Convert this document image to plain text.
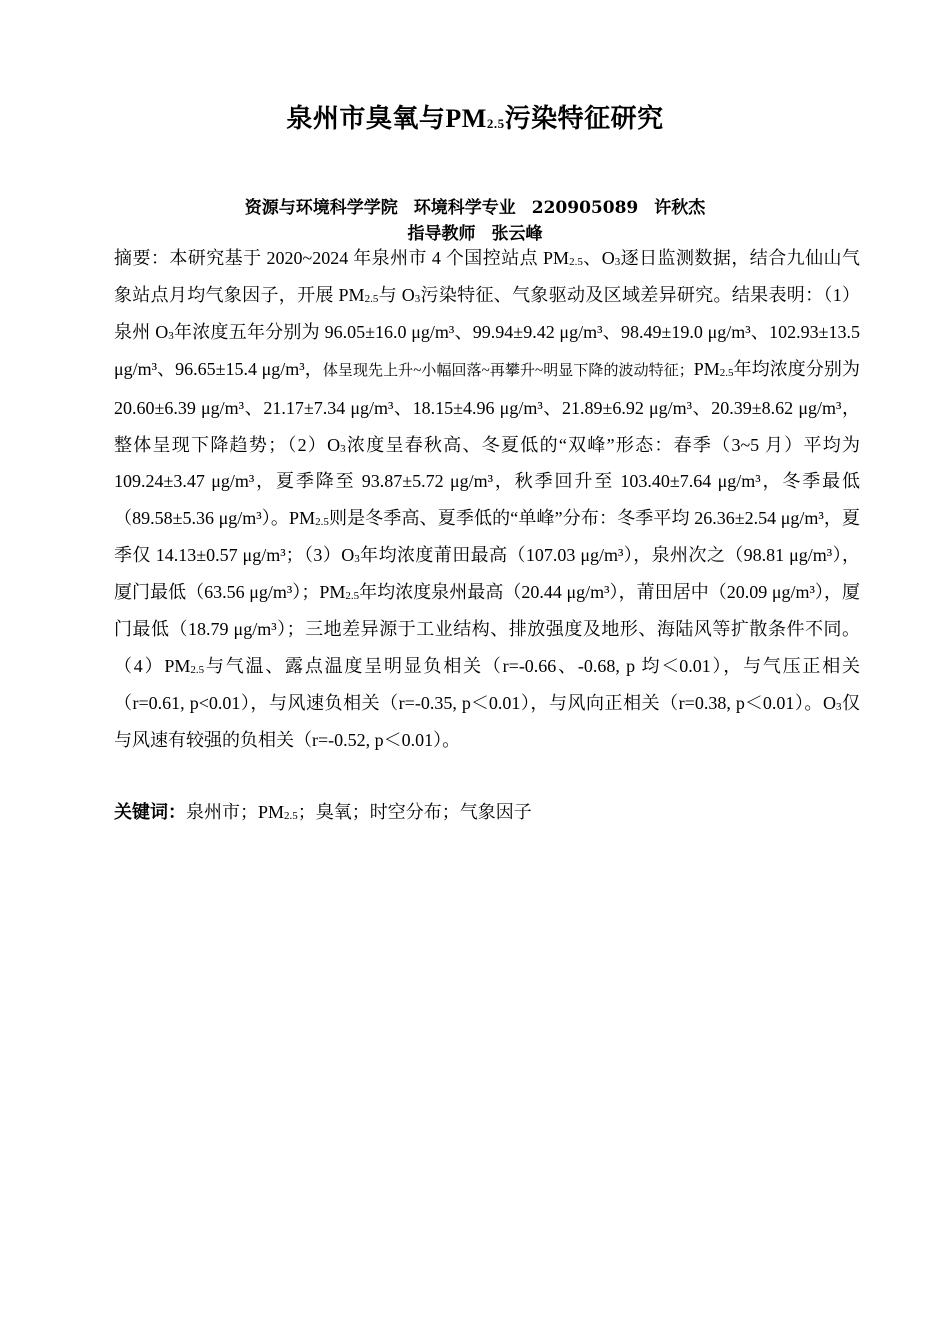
泉州市臭氧与$PM_{2.5}$污染特征研究
资源与环境科学学院 环境科学专业 220905089 许秋杰
指导教师 张云峰
摘要：本研究基于 2020~2024 年泉州市 4 个国控站点 $PM_{2.5}$、$O_3$逐日监测数据，结合九仙山气象站点月均气象因子，开展 $PM_{2.5}$与 $O_3$污染特征、气象驱动及区域差异研究。结果表明：（1）泉州 $O_3$年浓度五年分别为 96.05±16.0 μg/m³、99.94±9.42 μg/m³、98.49±19.0 μg/m³、102.93±13.5 μg/m³、96.65±15.4 μg/m³，体呈现先上升~小幅回落~再攀升~明显下降的波动特征；$PM_{2.5}$年均浓度分别为 20.60±6.39 μg/m³、21.17±7.34 μg/m³、18.15±4.96 μg/m³、21.89±6.92 μg/m³、20.39±8.62 μg/m³，整体呈现下降趋势；$(2)O_3$浓度呈春秋高、冬夏低的“双峰”形态：春季（3~5 月）平均为 109.24±3.47 μg/m³，夏季降至 93.87±5.72 μg/m³，秋季回升至 103.40±7.64 μg/m³，冬季最低（89.58±5.36 μg/m³）。$PM_{2.5}$则是冬季高、夏季低的“单峰”分布：冬季平均 26.36±2.54 μg/m³，夏季仅 14.13±0.57 μg/m³；$(3)O_3$年均浓度莆田最高（107.03 μg/m³），泉州次之（98.81 μg/m³），厦门最低（63.56 μg/m³）；$PM_{2.5}$年均浓度泉州最高（20.44 μg/m³），莆田居中（20.09 μg/m³），厦门最低（18.79 μg/m³）；三地差异源于工业结构、排放强度及地形、海陆风等扩散条件不同。$(4)PM_{2.5}$与气温、露点温度呈明显负相关（r=-0.66、-0.68, p 均＜0.01），与气压正相关（r=0.61, p<0.01），与风速负相关（r=-0.35, p＜0.01），与风向正相关（r=0.38, p＜0.01）。$O_3$仅与风速有较强的负相关（r=-0.52, p＜0.01）。
关键词：泉州市；$PM_{2.5}$；臭氧；时空分布；气象因子
